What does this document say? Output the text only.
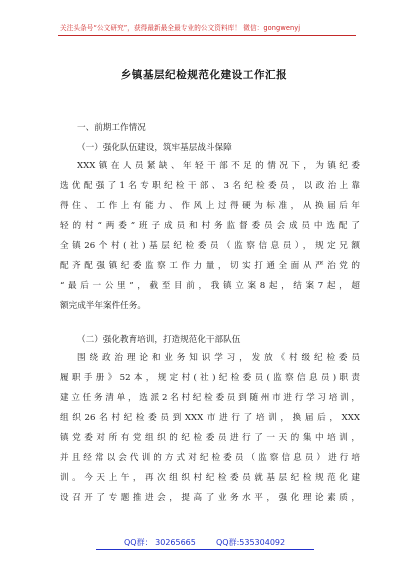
关注头条号“公文研究”，获得最新最全最专业的公文资料库！ 微信：gongwenyj
乡镇基层纪检规范化建设工作汇报
一、前期工作情况
（一）强化队伍建设，筑牢基层战斗保障
XXX镇在人员紧缺、年轻干部不足的情况下，为镇纪委
选优配强了1名专职纪检干部、3名纪检委员，以政治上靠
得住、工作上有能力、作风上过得硬为标准，从换届后年
轻的村“两委”班子成员和村务监督委员会成员中选配了
全镇26个村(社)基层纪检委员（监察信息员），规定兄额
配齐配强镇纪委监察工作力量，切实打通全面从严治党的
“最后一公里”，截至目前，我镇立案8起，结案7起，超
额完成半年案件任务。
（二）强化教育培训，打造规范化干部队伍
围绕政治理论和业务知识学习，发放《村级纪检委员
履职手册》52本，规定村(社)纪检委员(监察信息员)职责
建立任务清单，选派2名村纪检委员到随州市进行学习培训，
组织26名村纪检委员到XXX市进行了培训，换届后，XXX
镇党委对所有党组织的纪检委员进行了一天的集中培训，
并且经常以会代训的方式对纪检委员（监察信息员）进行培
训。今天上午，再次组织村纪检委员就基层纪检规范化建
设召开了专题推进会，提高了业务水平，强化理论素质，
QQ群： 30265665	QQ群:535304092
